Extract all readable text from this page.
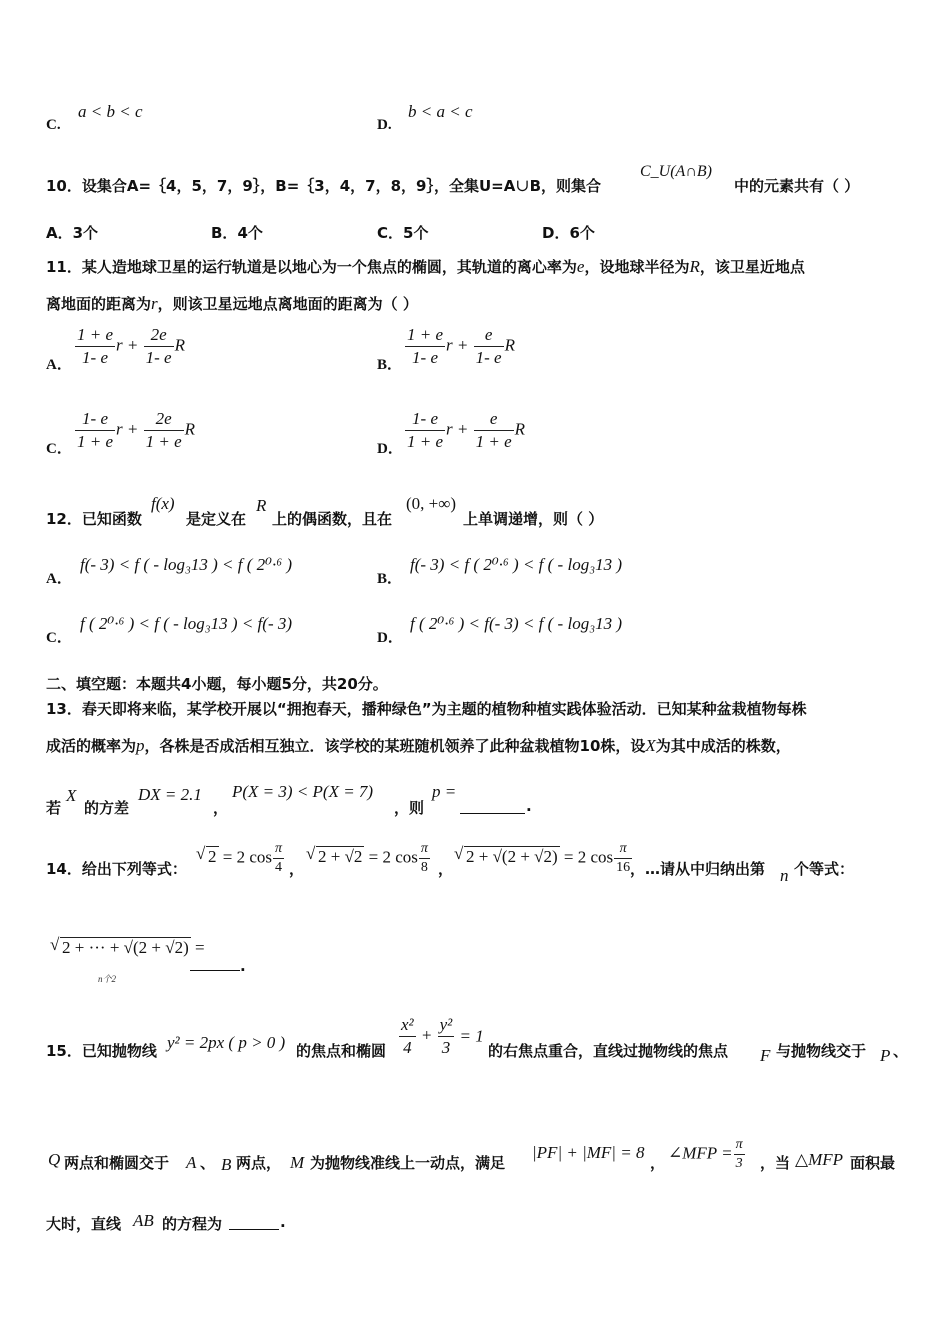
C.
a < b < c
D.
b < a < c
10．设集合A=｛4，5，7，9｝，B=｛3，4，7，8，9｝，全集U=A∪B，则集合
C_U(A∩B)
中的元素共有（ ）
A．3个	B．4个	C．5个	D．6个
11．某人造地球卫星的运行轨道是以地心为一个焦点的椭圆，其轨道的离心率为e，设地球半径为R，该卫星近地点
离地面的距离为r，则该卫星远地点离地面的距离为（ ）
A． $\frac{1 + e}{1- e}$ $r + \frac{2e}{1- e}$ R
B． $\frac{1 + e}{1- e}$ $r + \frac{e}{1- e}$ R
C． $\frac{1- e}{1 + e}$ $r + \frac{2e}{1 + e}$ R
D． $\frac{1- e}{1 + e}$ $r + \frac{e}{1 + e}$ R
12．已知函数
f(x)
是定义在
R
上的偶函数，且在
(0, +∞)
上单调递增，则（ ）
A．
f(- 3) < f ( - log₃13 ) < f ( 2⁰·⁶ )
B．
f(- 3) < f ( 2⁰·⁶ ) < f ( - log₃13 )
C．
f ( 2⁰·⁶ ) < f ( - log₃13 ) < f(- 3)
D．
f ( 2⁰·⁶ ) < f(- 3) < f ( - log₃13 )
二、填空题：本题共4小题，每小题5分，共20分。
13．春天即将来临，某学校开展以“拥抱春天，播种绿色”为主题的植物种植实践体验活动．已知某种盆栽植物每株
成活的概率为p，各株是否成活相互独立．该学校的某班随机领养了此种盆栽植物10株，设X为其中成活的株数，
若
X
的方差
DX = 2.1
，
P(X = 3) < P(X = 7)
，则
p =
.
14．给出下列等式：
√ 2 = 2 $\cos \frac{\pi}{4}$ ，
√ 2 + √2 = 2 $\cos \frac{\pi}{8}$ ，
√ 2 + √(2 + √2) = 2 $\cos \frac{\pi}{16}$
，…请从中归纳出第 n 个等式：
√ 2 + ··· + √(2 + √2) =
n个2
.
15．已知抛物线 y² = 2px ( p > 0 ) 的焦点和椭圆 $\frac{\text{x²}}{4} + \frac{\text{y²}}{3} = 1$
的右焦点重合，直线过抛物线的焦点 F 与抛物线交于 P 、
Q 两点和椭圆交于 A 、 B 两点， M 为抛物线准线上一动点，满足
|PF| + |MF| = 8
，
∠MFP = $\frac{\pi}{3}$ ，当 △MFP 面积最
大时，直线 AB 的方程为	.
